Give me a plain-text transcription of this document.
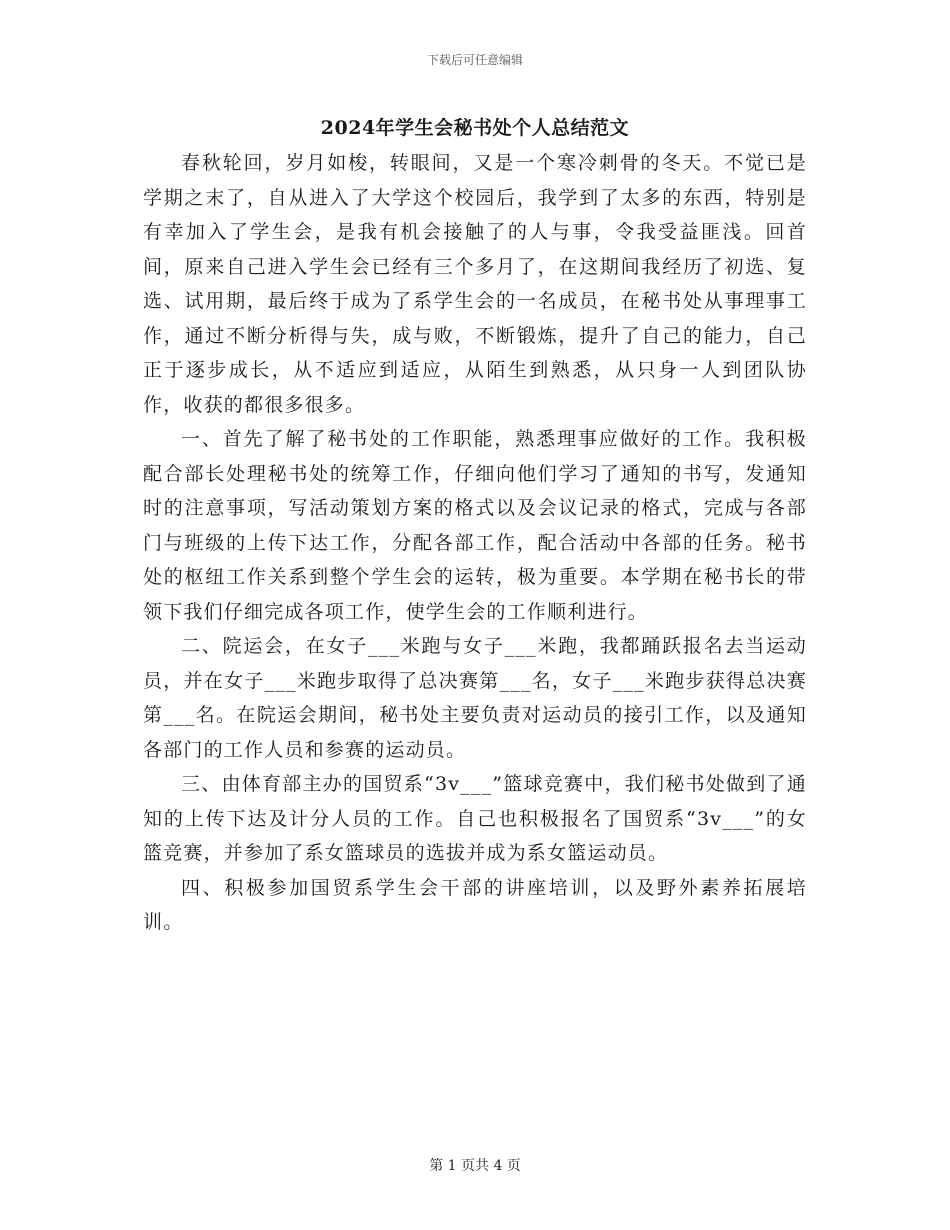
下载后可任意编辑
2024年学生会秘书处个人总结范文

春秋轮回，岁月如梭，转眼间，又是一个寒冷刺骨的冬天。不觉已是学期之末了，自从进入了大学这个校园后，我学到了太多的东西，特别是有幸加入了学生会，是我有机会接触了的人与事，令我受益匪浅。回首间，原来自己进入学生会已经有三个多月了，在这期间我经历了初选、复选、试用期，最后终于成为了系学生会的一名成员，在秘书处从事理事工作，通过不断分析得与失，成与败，不断锻炼，提升了自己的能力，自己正于逐步成长，从不适应到适应，从陌生到熟悉，从只身一人到团队协作，收获的都很多很多。

一、首先了解了秘书处的工作职能，熟悉理事应做好的工作。我积极配合部长处理秘书处的统筹工作，仔细向他们学习了通知的书写，发通知时的注意事项，写活动策划方案的格式以及会议记录的格式，完成与各部门与班级的上传下达工作，分配各部工作，配合活动中各部的任务。秘书处的枢纽工作关系到整个学生会的运转，极为重要。本学期在秘书长的带领下我们仔细完成各项工作，使学生会的工作顺利进行。

二、院运会，在女子___米跑与女子___米跑，我都踊跃报名去当运动员，并在女子___米跑步取得了总决赛第___名，女子___米跑步获得总决赛第___名。在院运会期间，秘书处主要负责对运动员的接引工作，以及通知各部门的工作人员和参赛的运动员。

三、由体育部主办的国贸系“3v___”篮球竞赛中，我们秘书处做到了通知的上传下达及计分人员的工作。自己也积极报名了国贸系“3v___”的女篮竞赛，并参加了系女篮球员的选拔并成为系女篮运动员。

四、积极参加国贸系学生会干部的讲座培训，以及野外素养拓展培训。

第 1 页共 4 页
